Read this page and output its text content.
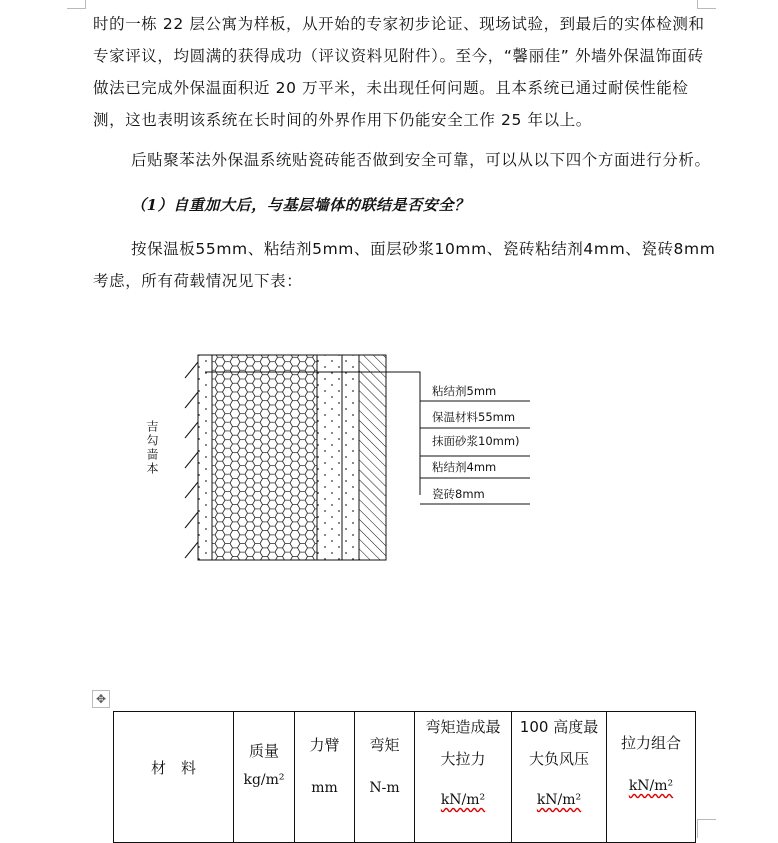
时的一栋 22 层公寓为样板，从开始的专家初步论证、现场试验，到最后的实体检测和专家评议，均圆满的获得成功（评议资料见附件）。至今，“馨丽佳” 外墙外保温饰面砖做法已完成外保温面积近 20 万平米，未出现任何问题。且本系统已通过耐侯性能检测，这也表明该系统在长时间的外界作用下仍能安全工作 25 年以上。

后贴聚苯法外保温系统贴瓷砖能否做到安全可靠，可以从以下四个方面进行分析。

（1）自重加大后，与基层墙体的联结是否安全？

按保温板55mm、粘结剂5mm、面层砂浆10mm、瓷砖粘结剂4mm、瓷砖8mm考虑，所有荷载情况见下表：

粘结剂5mm
保温材料55mm
抹面砂浆10mm)
粘结剂4mm
瓷砖8mm
吉勾啬本
✥
材　料

质量
kg/m²

力臂
mm

弯矩
N-m

弯矩造成最
大拉力
kN/m²

100 高度最
大负风压
kN/m²

拉力组合
kN/m²
